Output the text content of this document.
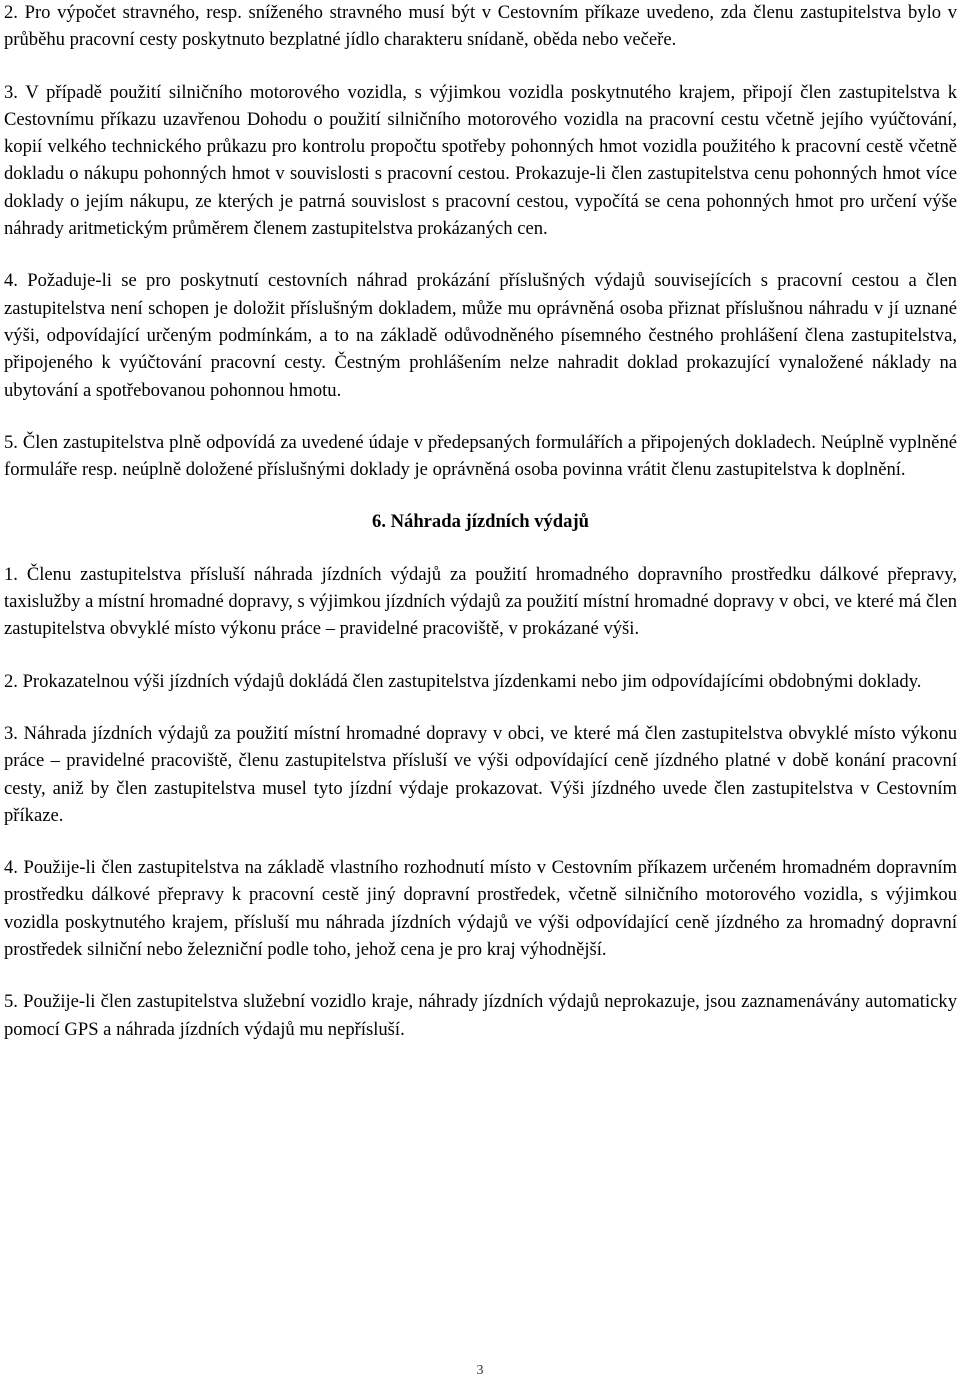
2. Pro výpočet stravného, resp. sníženého stravného musí být v Cestovním příkaze uvedeno, zda členu zastupitelstva bylo v průběhu pracovní cesty poskytnuto bezplatné jídlo charakteru snídaně, oběda nebo večeře.

3. V případě použití silničního motorového vozidla, s výjimkou vozidla poskytnutého krajem, připojí člen zastupitelstva k Cestovnímu příkazu uzavřenou Dohodu o použití silničního motorového vozidla na pracovní cestu včetně jejího vyúčtování, kopií velkého technického průkazu pro kontrolu propočtu spotřeby pohonných hmot vozidla použitého k pracovní cestě včetně dokladu o nákupu pohonných hmot v souvislosti s pracovní cestou. Prokazuje-li člen zastupitelstva cenu pohonných hmot více doklady o jejím nákupu, ze kterých je patrná souvislost s pracovní cestou, vypočítá se cena pohonných hmot pro určení výše náhrady aritmetickým průměrem členem zastupitelstva prokázaných cen.

4. Požaduje-li se pro poskytnutí cestovních náhrad prokázání příslušných výdajů souvisejících s pracovní cestou a člen zastupitelstva není schopen je doložit příslušným dokladem, může mu oprávněná osoba přiznat příslušnou náhradu v jí uznané výši, odpovídající určeným podmínkám, a to na základě odůvodněného písemného čestného prohlášení člena zastupitelstva, připojeného k vyúčtování pracovní cesty. Čestným prohlášením nelze nahradit doklad prokazující vynaložené náklady na ubytování a spotřebovanou pohonnou hmotu.

5. Člen zastupitelstva plně odpovídá za uvedené údaje v předepsaných formulářích a připojených dokladech. Neúplně vyplněné formuláře resp. neúplně doložené příslušnými doklady je oprávněná osoba povinna vrátit členu zastupitelstva k doplnění.

6. Náhrada jízdních výdajů

1. Členu zastupitelstva přísluší náhrada jízdních výdajů za použití hromadného dopravního prostředku dálkové přepravy, taxislužby a místní hromadné dopravy, s výjimkou jízdních výdajů za použití místní hromadné dopravy v obci, ve které má člen zastupitelstva obvyklé místo výkonu práce – pravidelné pracoviště, v prokázané výši.

2. Prokazatelnou výši jízdních výdajů dokládá člen zastupitelstva jízdenkami nebo jim odpovídajícími obdobnými doklady.

3. Náhrada jízdních výdajů za použití místní hromadné dopravy v obci, ve které má člen zastupitelstva obvyklé místo výkonu práce – pravidelné pracoviště, členu zastupitelstva přísluší ve výši odpovídající ceně jízdného platné v době konání pracovní cesty, aniž by člen zastupitelstva musel tyto jízdní výdaje prokazovat. Výši jízdného uvede člen zastupitelstva v Cestovním příkaze.

4. Použije-li člen zastupitelstva na základě vlastního rozhodnutí místo v Cestovním příkazem určeném hromadném dopravním prostředku dálkové přepravy k pracovní cestě jiný dopravní prostředek, včetně silničního motorového vozidla, s výjimkou vozidla poskytnutého krajem, přísluší mu náhrada jízdních výdajů ve výši odpovídající ceně jízdného za hromadný dopravní prostředek silniční nebo železniční podle toho, jehož cena je pro kraj výhodnější.

5. Použije-li člen zastupitelstva služební vozidlo kraje, náhrady jízdních výdajů neprokazuje, jsou zaznamenávány automaticky pomocí GPS a náhrada jízdních výdajů mu nepřísluší.

3
